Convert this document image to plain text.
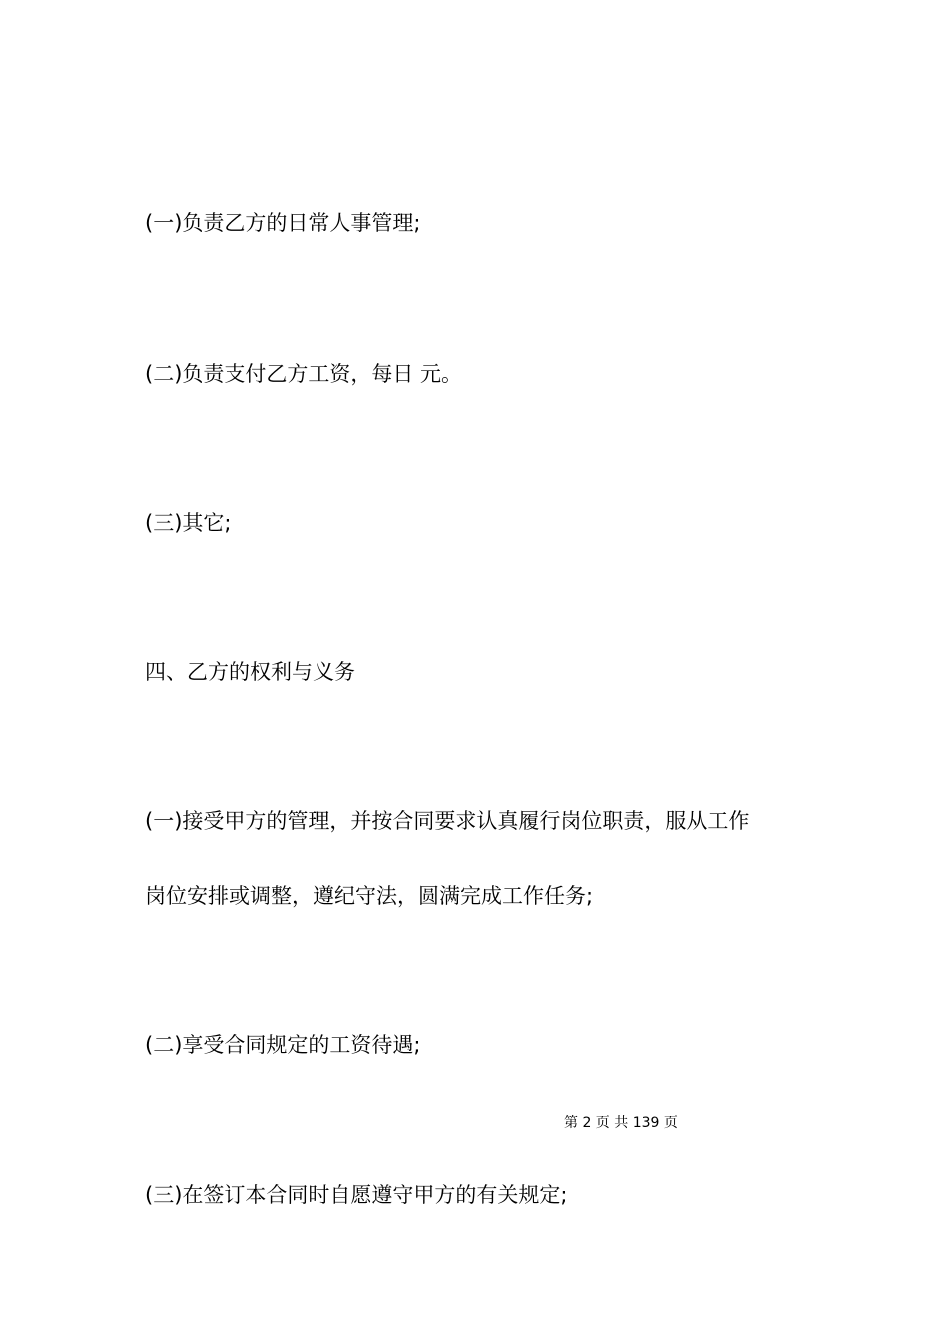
(一)负责乙方的日常人事管理;

(二)负责支付乙方工资，每日 元。

(三)其它;

四、乙方的权利与义务

(一)接受甲方的管理，并按合同要求认真履行岗位职责，服从工作

岗位安排或调整，遵纪守法，圆满完成工作任务;

(二)享受合同规定的工资待遇;

第 2 页 共 139 页

(三)在签订本合同时自愿遵守甲方的有关规定;
